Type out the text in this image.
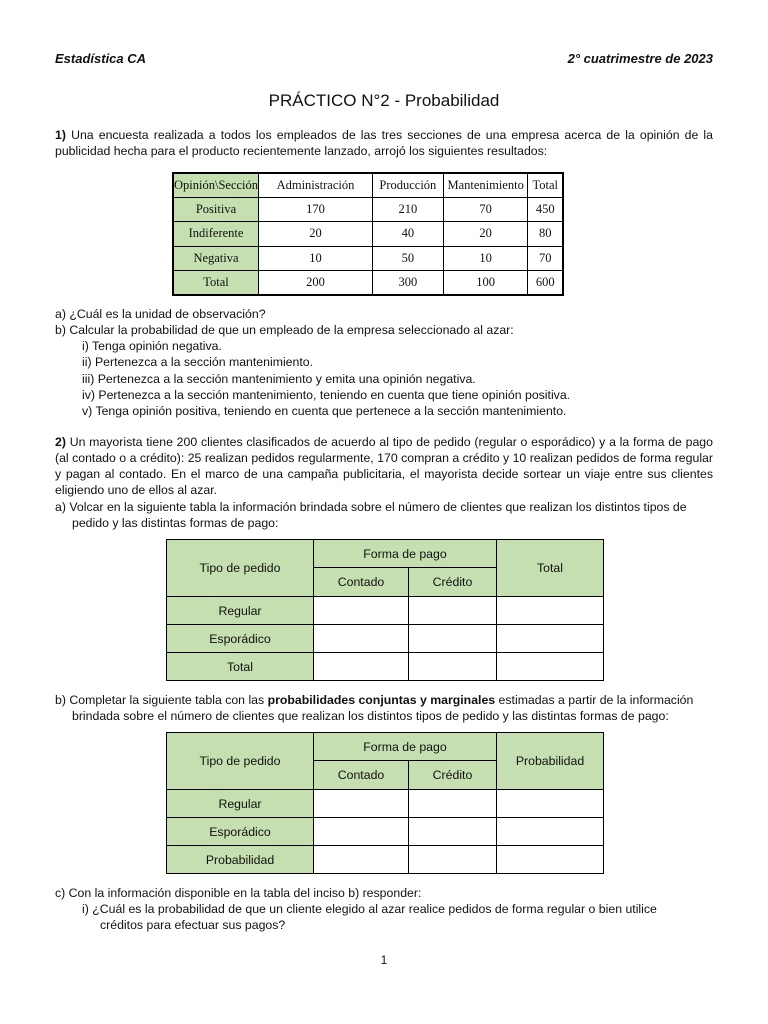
Estadística CA	2° cuatrimestre de 2023
PRÁCTICO N°2 - Probabilidad
1) Una encuesta realizada a todos los empleados de las tres secciones de una empresa acerca de la opinión de la publicidad hecha para el producto recientemente lanzado, arrojó los siguientes resultados:
Opinión\Sección	Administración	Producción	Mantenimiento	Total
Positiva	170	210	70	450
Indiferente	20	40	20	80
Negativa	10	50	10	70
Total	200	300	100	600
a) ¿Cuál es la unidad de observación?
b) Calcular la probabilidad de que un empleado de la empresa seleccionado al azar:
i) Tenga opinión negativa.
ii) Pertenezca a la sección mantenimiento.
iii) Pertenezca a la sección mantenimiento y emita una opinión negativa.
iv) Pertenezca a la sección mantenimiento, teniendo en cuenta que tiene opinión positiva.
v) Tenga opinión positiva, teniendo en cuenta que pertenece a la sección mantenimiento.
2) Un mayorista tiene 200 clientes clasificados de acuerdo al tipo de pedido (regular o esporádico) y a la forma de pago (al contado o a crédito): 25 realizan pedidos regularmente, 170 compran a crédito y 10 realizan pedidos de forma regular y pagan al contado. En el marco de una campaña publicitaria, el mayorista decide sortear un viaje entre sus clientes eligiendo uno de ellos al azar.
a) Volcar en la siguiente tabla la información brindada sobre el número de clientes que realizan los distintos tipos de
pedido y las distintas formas de pago:
Tipo de pedido	Forma de pago		Total
	Contado	Crédito	
Regular			
Esporádico			
Total			
b) Completar la siguiente tabla con las probabilidades conjuntas y marginales estimadas a partir de la información
brindada sobre el número de clientes que realizan los distintos tipos de pedido y las distintas formas de pago:
Tipo de pedido	Forma de pago		Probabilidad
	Contado	Crédito	
Regular			
Esporádico			
Probabilidad			
c) Con la información disponible en la tabla del inciso b) responder:
i) ¿Cuál es la probabilidad de que un cliente elegido al azar realice pedidos de forma regular o bien utilice
créditos para efectuar sus pagos?
1
